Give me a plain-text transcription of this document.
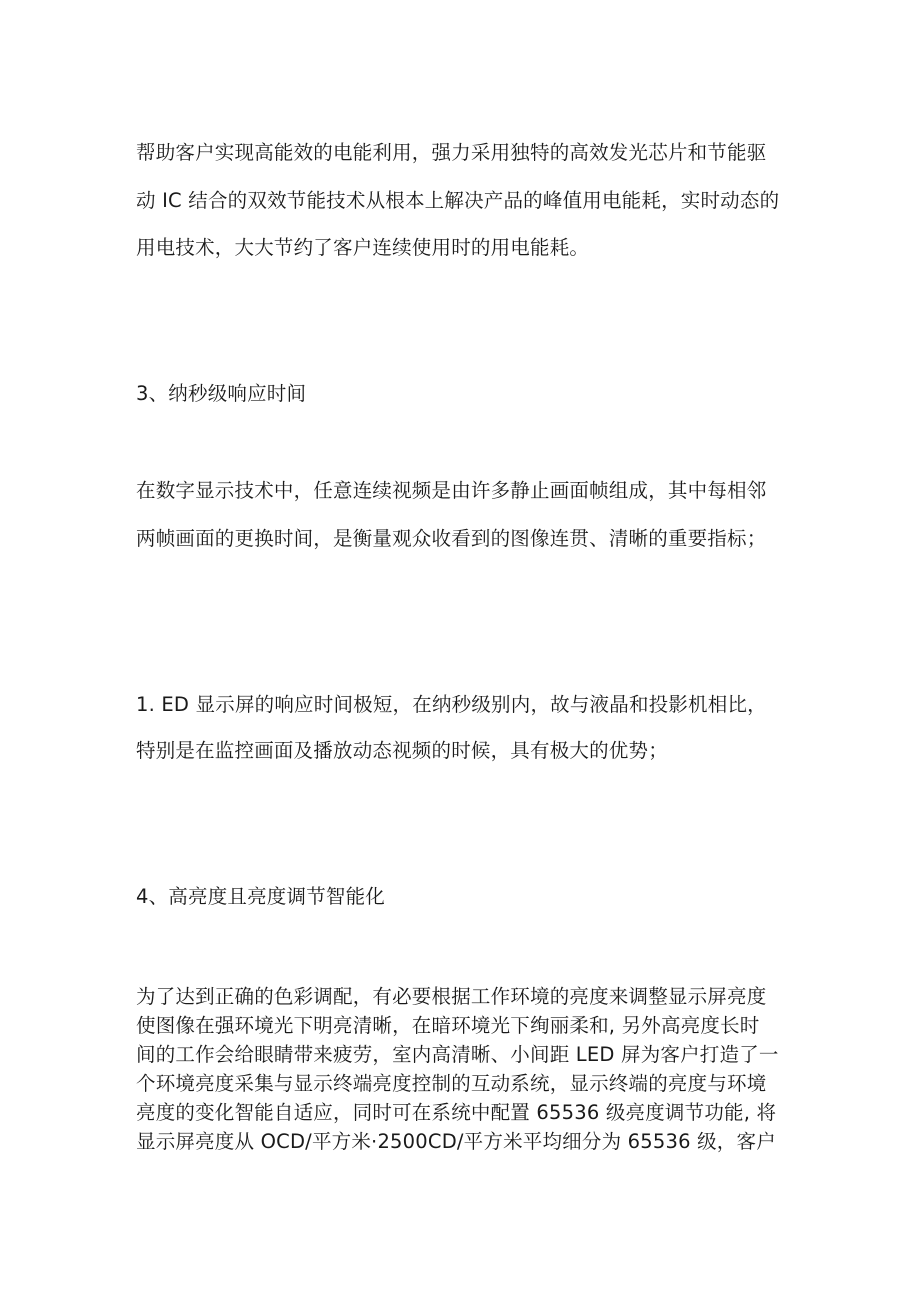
帮助客户实现高能效的电能利用，强力采用独特的高效发光芯片和节能驱
动 IC 结合的双效节能技术从根本上解决产品的峰值用电能耗，实时动态的
用电技术，大大节约了客户连续使用时的用电能耗。
3、纳秒级响应时间
在数字显示技术中，任意连续视频是由许多静止画面帧组成，其中每相邻
两帧画面的更换时间，是衡量观众收看到的图像连贯、清晰的重要指标；
1. ED 显示屏的响应时间极短，在纳秒级别内，故与液晶和投影机相比，
特别是在监控画面及播放动态视频的时候，具有极大的优势；
4、高亮度且亮度调节智能化
为了达到正确的色彩调配，有必要根据工作环境的亮度来调整显示屏亮度
使图像在强环境光下明亮清晰，在暗环境光下绚丽柔和, 另外高亮度长时
间的工作会给眼睛带来疲劳，室内高清晰、小间距 LED 屏为客户打造了一
个环境亮度采集与显示终端亮度控制的互动系统，显示终端的亮度与环境
亮度的变化智能自适应，同时可在系统中配置 65536 级亮度调节功能, 将
显示屏亮度从 OCD/平方米·2500CD/平方米平均细分为 65536 级，客户
